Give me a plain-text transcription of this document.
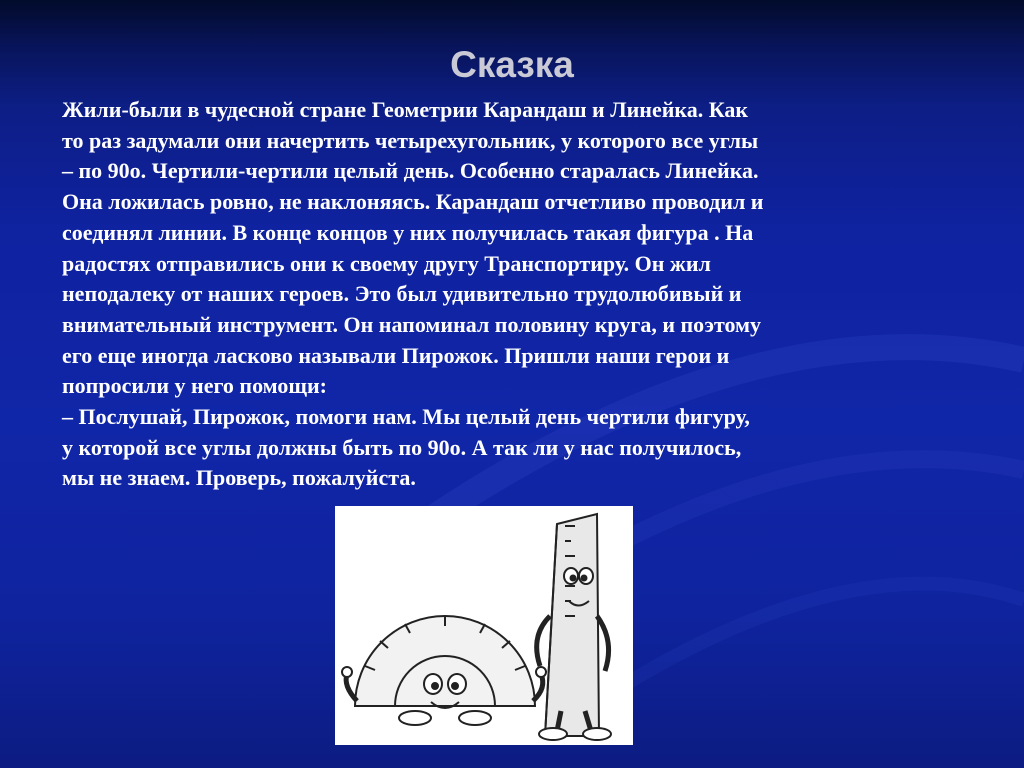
Сказка
Жили-были в чудесной стране Геометрии Карандаш и Линейка. Как
то раз задумали они начертить четырехугольник, у которого все углы
– по 90о. Чертили-чертили целый день. Особенно старалась Линейка.
Она ложилась ровно, не наклоняясь. Карандаш отчетливо проводил и
соединял линии. В конце концов у них получилась такая фигура . На
радостях отправились они к своему другу Транспортиру. Он жил
неподалеку от наших героев. Это был удивительно трудолюбивый и
внимательный инструмент. Он напоминал половину круга, и поэтому
его еще иногда ласково называли Пирожок. Пришли наши герои и
попросили у него помощи:
– Послушай, Пирожок, помоги нам. Мы целый день чертили фигуру,
у которой все углы должны быть по 90о. А так ли у нас получилось,
мы не знаем. Проверь, пожалуйста.
